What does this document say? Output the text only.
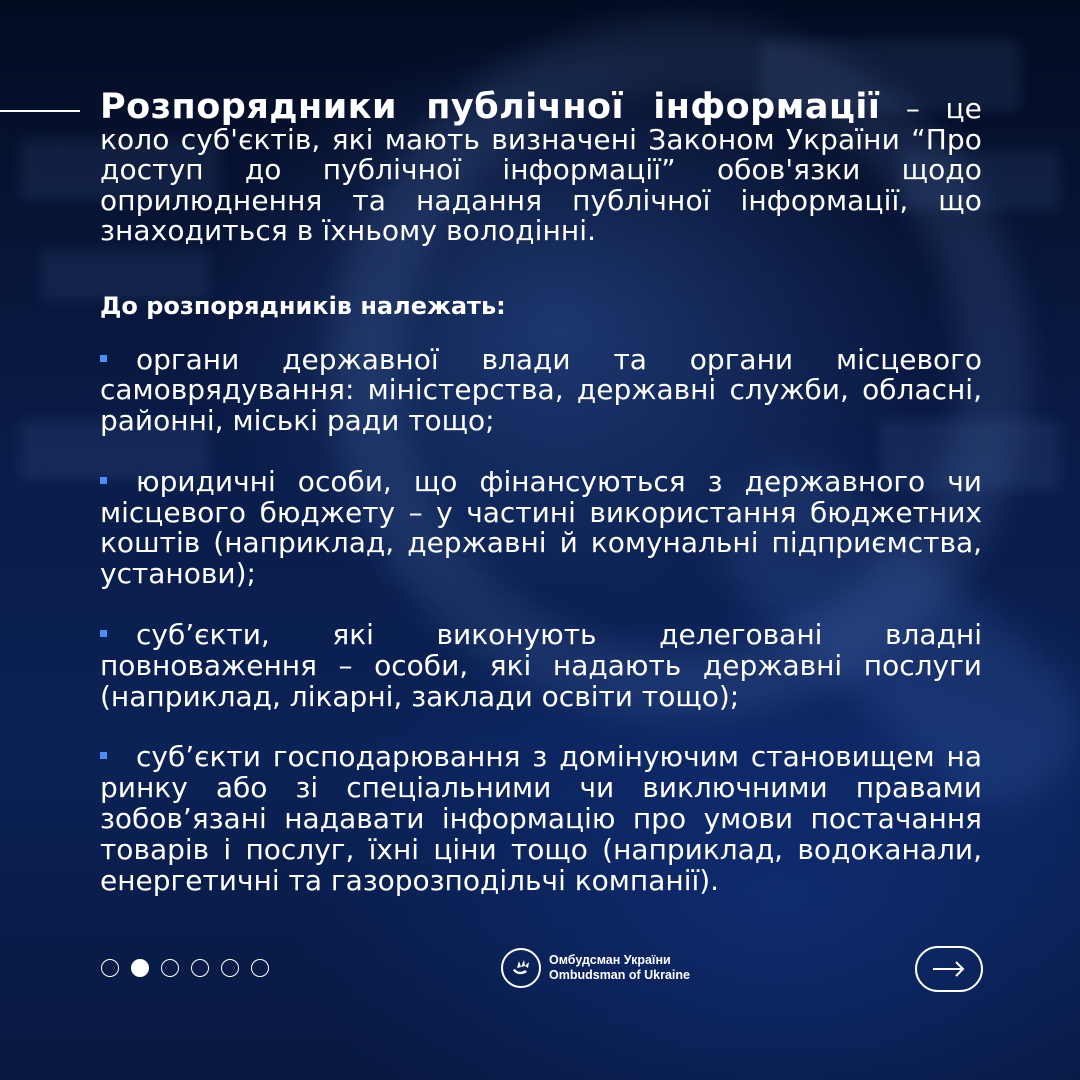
Розпорядники публічної інформації – це коло суб'єктів, які мають визначені Законом України “Про доступ до публічної інформації” обов'язки щодо оприлюднення та надання публічної інформації, що знаходиться в їхньому володінні.

До розпорядників належать:
органи державної влади та органи місцевого самоврядування: міністерства, державні служби, обласні, районні, міські ради тощо;
юридичні особи, що фінансуються з державного чи місцевого бюджету – у частині використання бюджетних коштів (наприклад, державні й комунальні підприємства, установи);
суб’єкти, які виконують делеговані владні повноваження – особи, які надають державні послуги (наприклад, лікарні, заклади освіти тощо);
суб’єкти господарювання з домінуючим становищем на ринку або зі спеціальними чи виключними правами зобов’язані надавати інформацію про умови постачання товарів і послуг, їхні ціни тощо (наприклад, водоканали, енергетичні та газорозподільчі компанії).
Омбудсман України
Ombudsman of Ukraine
